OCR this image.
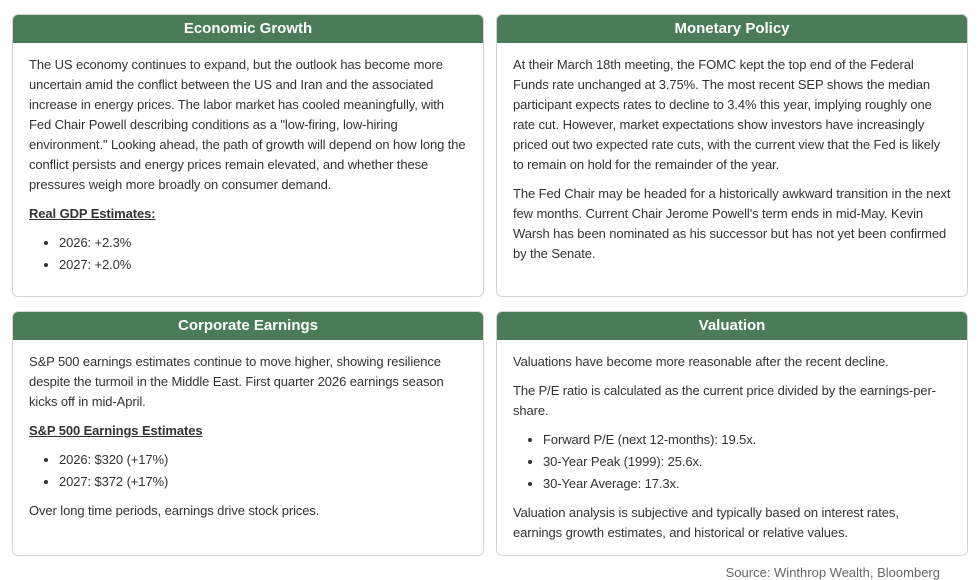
Economic Growth

The US economy continues to expand, but the outlook has become more uncertain amid the conflict between the US and Iran and the associated increase in energy prices. The labor market has cooled meaningfully, with Fed Chair Powell describing conditions as a "low-firing, low-hiring environment." Looking ahead, the path of growth will depend on how long the conflict persists and energy prices remain elevated, and whether these pressures weigh more broadly on consumer demand.

Real GDP Estimates:

• 2026: +2.3%
• 2027: +2.0%
Monetary Policy

At their March 18th meeting, the FOMC kept the top end of the Federal Funds rate unchanged at 3.75%. The most recent SEP shows the median participant expects rates to decline to 3.4% this year, implying roughly one rate cut. However, market expectations show investors have increasingly priced out two expected rate cuts, with the current view that the Fed is likely to remain on hold for the remainder of the year.

The Fed Chair may be headed for a historically awkward transition in the next few months. Current Chair Jerome Powell's term ends in mid-May. Kevin Warsh has been nominated as his successor but has not yet been confirmed by the Senate.

Corporate Earnings

S&P 500 earnings estimates continue to move higher, showing resilience despite the turmoil in the Middle East. First quarter 2026 earnings season kicks off in mid-April.

S&P 500 Earnings Estimates

• 2026: $320 (+17%)
• 2027: $372 (+17%)

Over long time periods, earnings drive stock prices.

Valuation

Valuations have become more reasonable after the recent decline.

The P/E ratio is calculated as the current price divided by the earnings-per-share.

• Forward P/E (next 12-months): 19.5x.
• 30-Year Peak (1999): 25.6x.
• 30-Year Average: 17.3x.

Valuation analysis is subjective and typically based on interest rates, earnings growth estimates, and historical or relative values.

Source: Winthrop Wealth, Bloomberg
